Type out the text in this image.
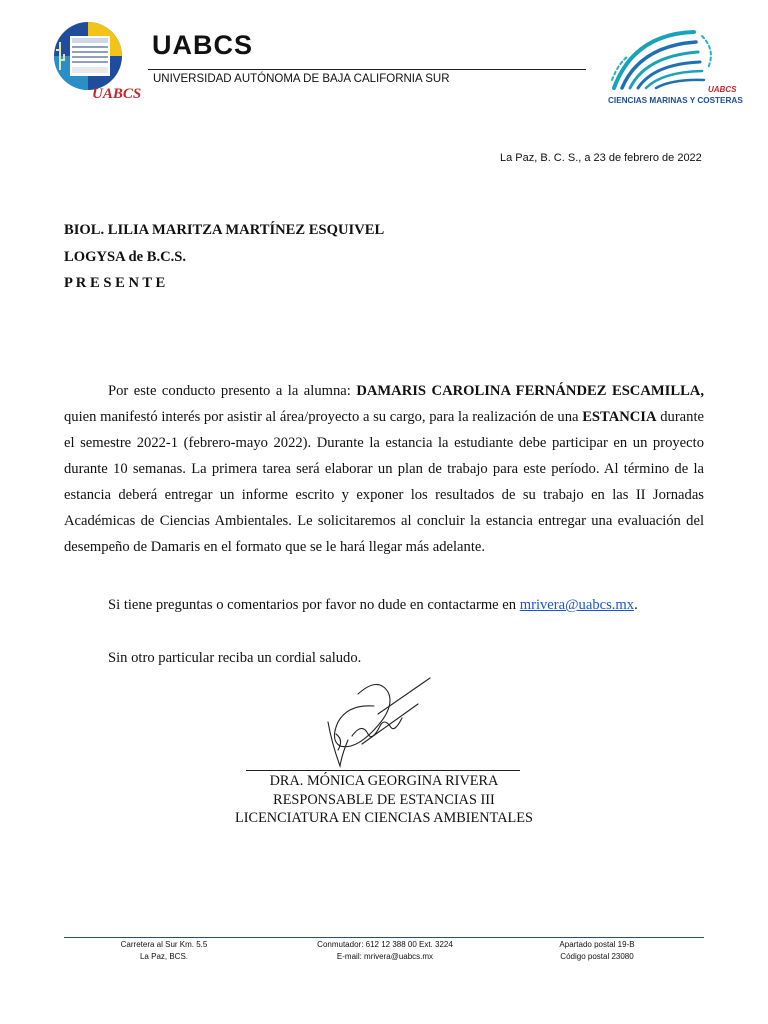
UABCS
UABCS
UNIVERSIDAD AUTÓNOMA DE BAJA CALIFORNIA SUR
UABCS
CIENCIAS MARINAS Y COSTERAS
La Paz, B. C. S., a 23 de febrero de 2022
BIOL. LILIA MARITZA MARTÍNEZ ESQUIVEL
LOGYSA de B.C.S.
P R E S E N T E
Por este conducto presento a la alumna: DAMARIS CAROLINA FERNÁNDEZ ESCAMILLA, quien manifestó interés por asistir al área/proyecto a su cargo, para la realización de una ESTANCIA durante el semestre 2022-1 (febrero-mayo 2022). Durante la estancia la estudiante debe participar en un proyecto durante 10 semanas. La primera tarea será elaborar un plan de trabajo para este período. Al término de la estancia deberá entregar un informe escrito y exponer los resultados de su trabajo en las II Jornadas Académicas de Ciencias Ambientales. Le solicitaremos al concluir la estancia entregar una evaluación del desempeño de Damaris en el formato que se le hará llegar más adelante.
Si tiene preguntas o comentarios por favor no dude en contactarme en mrivera@uabcs.mx.
Sin otro particular reciba un cordial saludo.
DRA. MÓNICA GEORGINA RIVERA
RESPONSABLE DE ESTANCIAS III
LICENCIATURA EN CIENCIAS AMBIENTALES
Carretera al Sur Km. 5.5
La Paz, BCS.
Conmutador: 612 12 388 00 Ext. 3224
E-mail: mrivera@uabcs.mx
Apartado postal 19-B
Código postal 23080
